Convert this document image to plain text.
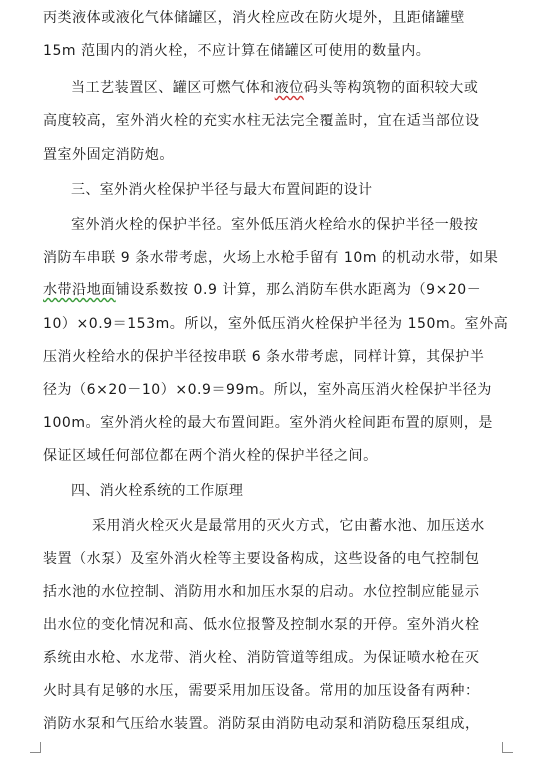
丙类液体或液化气体储罐区，消火栓应改在防火堤外，且距储罐壁
15m 范围内的消火栓，不应计算在储罐区可使用的数量内。
当工艺装置区、罐区可燃气体和液位码头等构筑物的面积较大或
高度较高，室外消火栓的充实水柱无法完全覆盖时，宜在适当部位设
置室外固定消防炮。
三、室外消火栓保护半径与最大布置间距的设计
室外消火栓的保护半径。室外低压消火栓给水的保护半径一般按
消防车串联 9 条水带考虑，火场上水枪手留有 10m 的机动水带，如果
水带沿地面铺设系数按 0.9 计算，那么消防车供水距离为（9×20－
10）×0.9＝153m。所以，室外低压消火栓保护半径为 150m。室外高
压消火栓给水的保护半径按串联 6 条水带考虑，同样计算，其保护半
径为（6×20－10）×0.9＝99m。所以，室外高压消火栓保护半径为
100m。室外消火栓的最大布置间距。室外消火栓间距布置的原则，是
保证区域任何部位都在两个消火栓的保护半径之间。
四、消火栓系统的工作原理
采用消火栓灭火是最常用的灭火方式，它由蓄水池、加压送水
装置（水泵）及室外消火栓等主要设备构成，这些设备的电气控制包
括水池的水位控制、消防用水和加压水泵的启动。水位控制应能显示
出水位的变化情况和高、低水位报警及控制水泵的开停。室外消火栓
系统由水枪、水龙带、消火栓、消防管道等组成。为保证喷水枪在灭
火时具有足够的水压，需要采用加压设备。常用的加压设备有两种：
消防水泵和气压给水装置。消防泵由消防电动泵和消防稳压泵组成，
